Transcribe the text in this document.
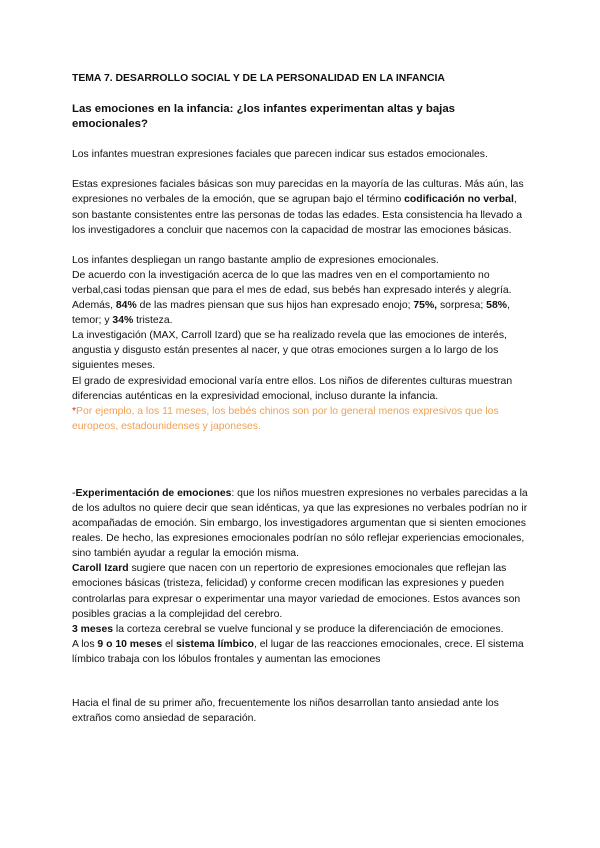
TEMA 7. DESARROLLO SOCIAL Y DE LA PERSONALIDAD EN LA INFANCIA

Las emociones en la infancia: ¿los infantes experimentan altas y bajas emocionales?

Los infantes muestran expresiones faciales que parecen indicar sus estados emocionales.

Estas expresiones faciales básicas son muy parecidas en la mayoría de las culturas. Más aún, las expresiones no verbales de la emoción, que se agrupan bajo el término codificación no verbal, son bastante consistentes entre las personas de todas las edades. Esta consistencia ha llevado a los investigadores a concluir que nacemos con la capacidad de mostrar las emociones básicas.

Los infantes despliegan un rango bastante amplio de expresiones emocionales.

De acuerdo con la investigación acerca de lo que las madres ven en el comportamiento no verbal,casi todas piensan que para el mes de edad, sus bebés han expresado interés y alegría. Además, 84% de las madres piensan que sus hijos han expresado enojo; 75%, sorpresa; 58%, temor; y 34% tristeza.

La investigación (MAX, Carroll Izard) que se ha realizado revela que las emociones de interés, angustia y disgusto están presentes al nacer, y que otras emociones surgen a lo largo de los siguientes meses.

El grado de expresividad emocional varía entre ellos. Los niños de diferentes culturas muestran diferencias auténticas en la expresividad emocional, incluso durante la infancia.

*Por ejemplo, a los 11 meses, los bebés chinos son por lo general menos expresivos que los europeos, estadounidenses y japoneses.

-Experimentación de emociones: que los niños muestren expresiones no verbales parecidas a la de los adultos no quiere decir que sean idénticas, ya que las expresiones no verbales podrían no ir acompañadas de emoción. Sin embargo, los investigadores argumentan que si sienten emociones reales. De hecho, las expresiones emocionales podrían no sólo reflejar experiencias emocionales, sino también ayudar a regular la emoción misma.

Caroll Izard sugiere que nacen con un repertorio de expresiones emocionales que reflejan las emociones básicas (tristeza, felicidad) y conforme crecen modifican las expresiones y pueden controlarlas para expresar o experimentar una mayor variedad de emociones. Estos avances son posibles gracias a la complejidad del cerebro.

3 meses la corteza cerebral se vuelve funcional y se produce la diferenciación de emociones.

A los 9 o 10 meses el sistema límbico, el lugar de las reacciones emocionales, crece. El sistema límbico trabaja con los lóbulos frontales y aumentan las emociones

Hacia el final de su primer año, frecuentemente los niños desarrollan tanto ansiedad ante los extraños como ansiedad de separación.
